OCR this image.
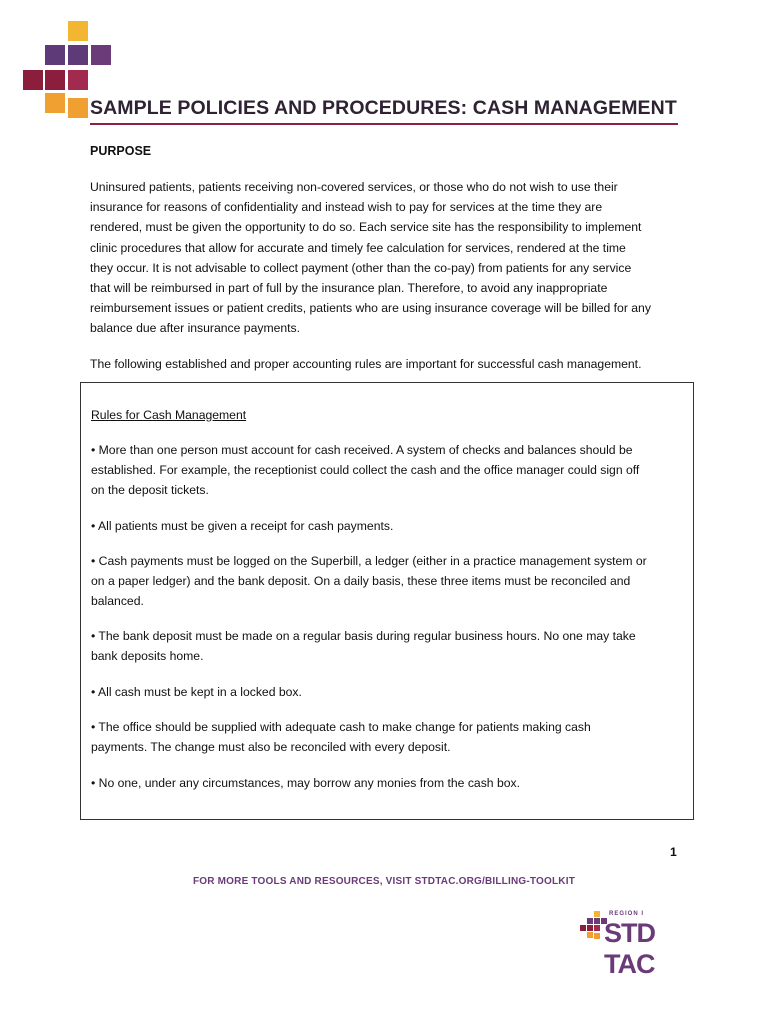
SAMPLE POLICIES AND PROCEDURES: CASH MANAGEMENT
PURPOSE
Uninsured patients, patients receiving non-covered services, or those who do not wish to use their
insurance for reasons of confidentiality and instead wish to pay for services at the time they are
rendered, must be given the opportunity to do so. Each service site has the responsibility to implement
clinic procedures that allow for accurate and timely fee calculation for services, rendered at the time
they occur. It is not advisable to collect payment (other than the co-pay) from patients for any service
that will be reimbursed in part of full by the insurance plan. Therefore, to avoid any inappropriate
reimbursement issues or patient credits, patients who are using insurance coverage will be billed for any
balance due after insurance payments.
The following established and proper accounting rules are important for successful cash management.
Rules for Cash Management
• More than one person must account for cash received. A system of checks and balances should be
established. For example, the receptionist could collect the cash and the office manager could sign off
on the deposit tickets.
• All patients must be given a receipt for cash payments.
• Cash payments must be logged on the Superbill, a ledger (either in a practice management system or
on a paper ledger) and the bank deposit. On a daily basis, these three items must be reconciled and
balanced.
• The bank deposit must be made on a regular basis during regular business hours. No one may take
bank deposits home.
• All cash must be kept in a locked box.
• The office should be supplied with adequate cash to make change for patients making cash
payments. The change must also be reconciled with every deposit.
• No one, under any circumstances, may borrow any monies from the cash box.
1
FOR MORE TOOLS AND RESOURCES, VISIT STDTAC.ORG/BILLING-TOOLKIT
REGION I
STD TAC
